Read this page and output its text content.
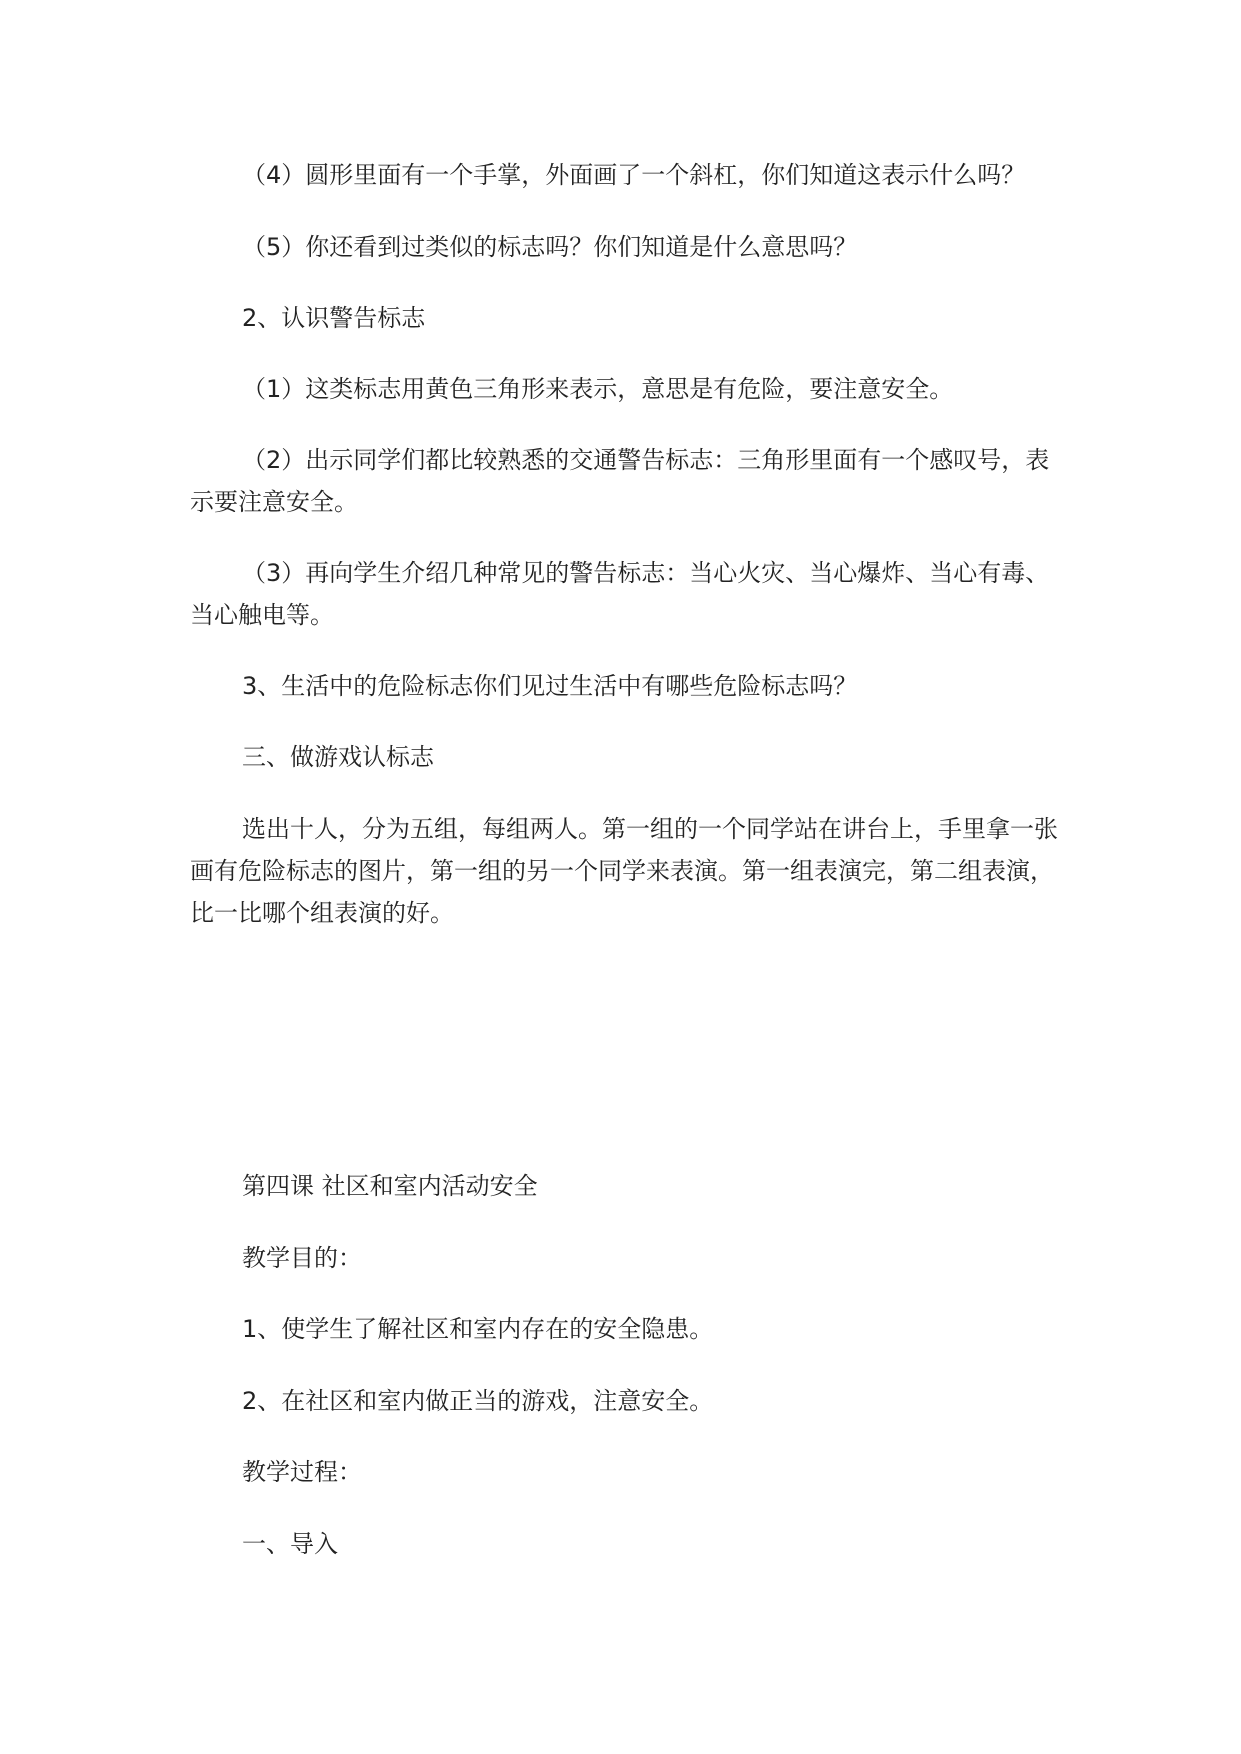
（4）圆形里面有一个手掌，外面画了一个斜杠，你们知道这表示什么吗？

（5）你还看到过类似的标志吗？你们知道是什么意思吗？

2、认识警告标志

（1）这类标志用黄色三角形来表示，意思是有危险，要注意安全。

（2）出示同学们都比较熟悉的交通警告标志：三角形里面有一个感叹号，表示要注意安全。

（3）再向学生介绍几种常见的警告标志：当心火灾、当心爆炸、当心有毒、当心触电等。

3、生活中的危险标志你们见过生活中有哪些危险标志吗？

三、做游戏认标志

选出十人，分为五组，每组两人。第一组的一个同学站在讲台上，手里拿一张画有危险标志的图片，第一组的另一个同学来表演。第一组表演完，第二组表演，比一比哪个组表演的好。

第四课 社区和室内活动安全

教学目的：

1、使学生了解社区和室内存在的安全隐患。

2、在社区和室内做正当的游戏，注意安全。

教学过程：

一、导入
